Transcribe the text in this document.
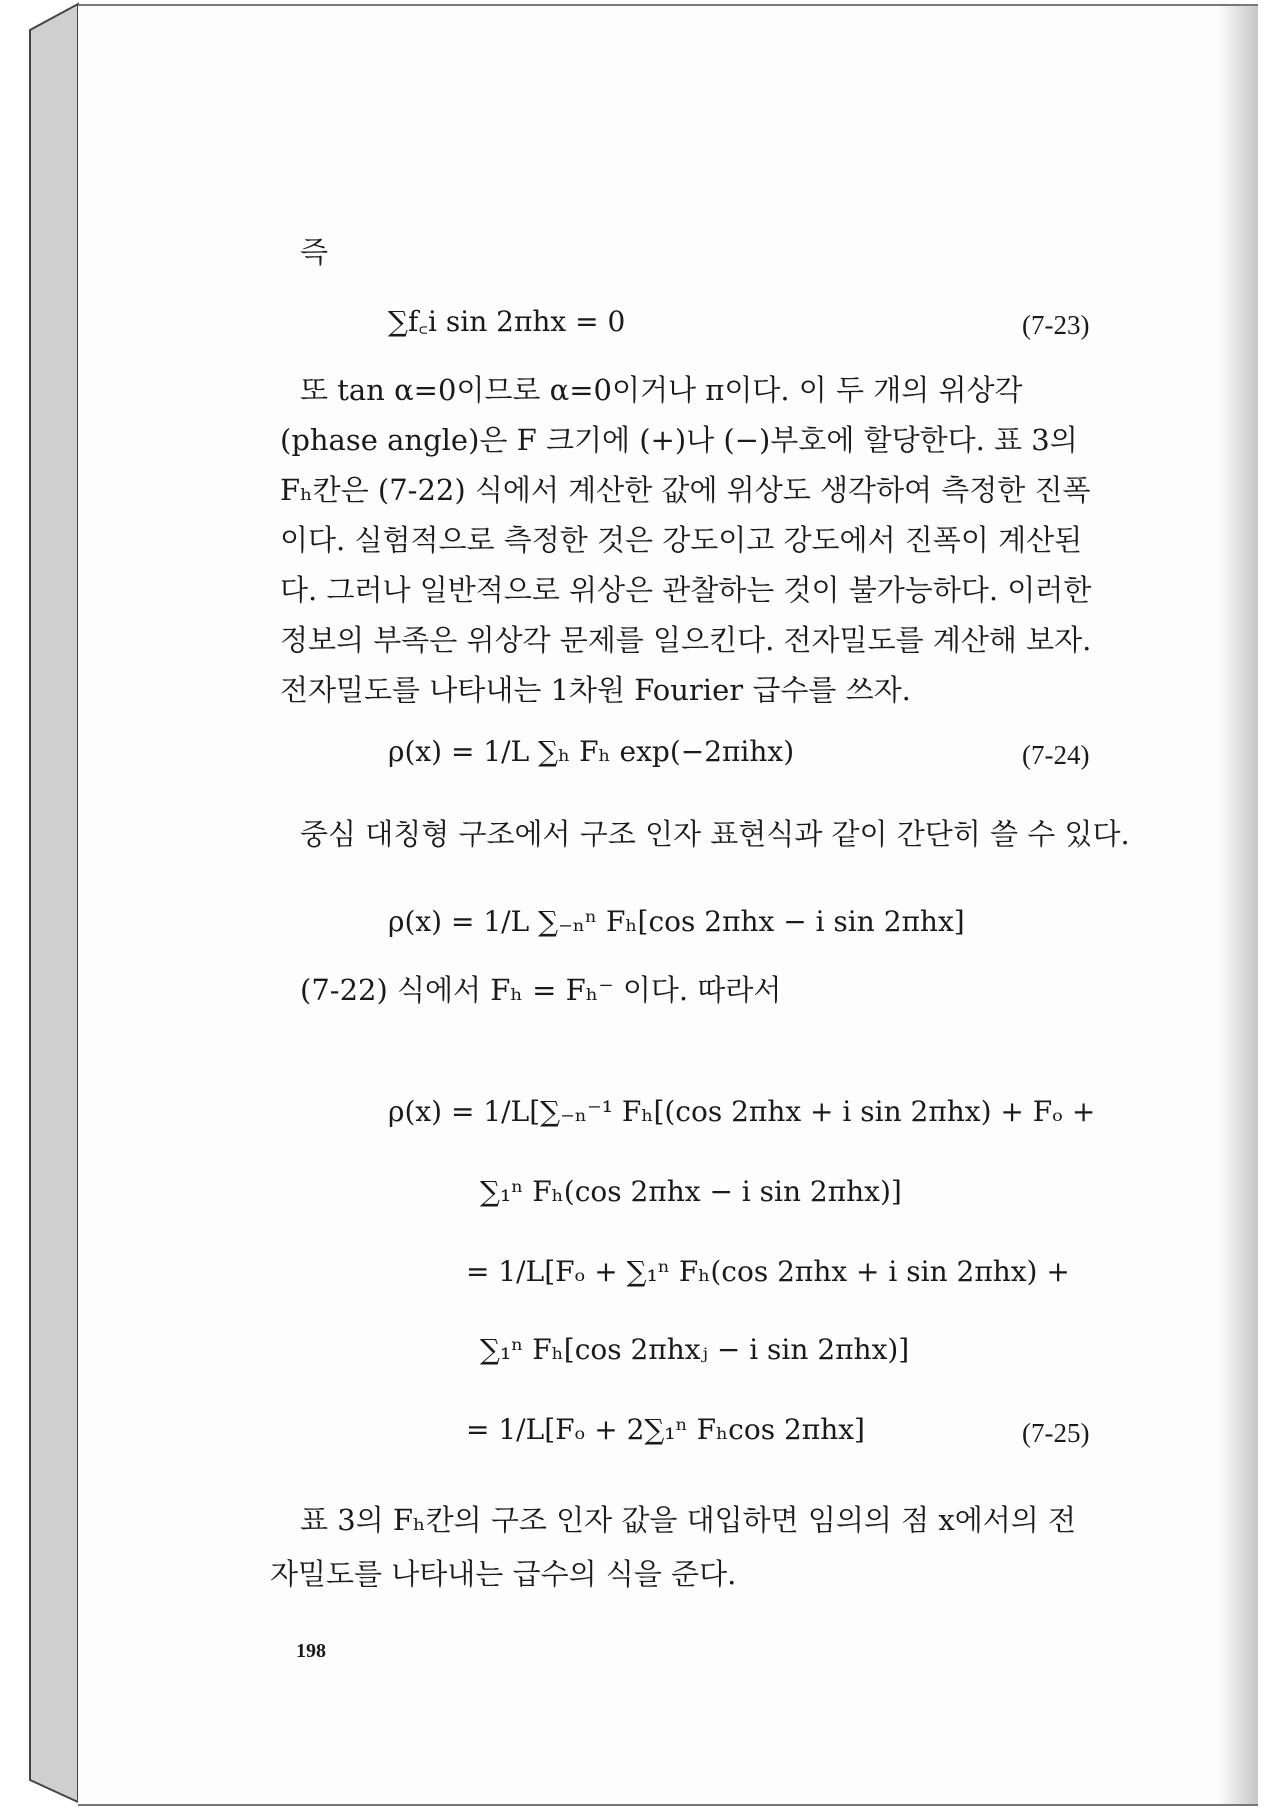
즉

∑f꜀i sin 2πhx = 0	(7-23)

또 tan α=0이므로 α=0이거나 π이다. 이 두 개의 위상각

(phase angle)은 F 크기에 (+)나 (−)부호에 할당한다. 표 3의

Fₕ칸은 (7-22) 식에서 계산한 값에 위상도 생각하여 측정한 진폭

이다. 실험적으로 측정한 것은 강도이고 강도에서 진폭이 계산된

다. 그러나 일반적으로 위상은 관찰하는 것이 불가능하다. 이러한

정보의 부족은 위상각 문제를 일으킨다. 전자밀도를 계산해 보자.

전자밀도를 나타내는 1차원 Fourier 급수를 쓰자.

ρ(x) = 1/L ∑ₕ Fₕ exp(−2πihx)	(7-24)

중심 대칭형 구조에서 구조 인자 표현식과 같이 간단히 쓸 수 있다.

ρ(x) = 1/L ∑₋ₙⁿ Fₕ[cos 2πhx − i sin 2πhx]

(7-22) 식에서 Fₕ = Fₕ⁻ 이다. 따라서

ρ(x) = 1/L[∑₋ₙ⁻¹ Fₕ[(cos 2πhx + i sin 2πhx) + Fₒ +

∑₁ⁿ Fₕ(cos 2πhx − i sin 2πhx)]

= 1/L[Fₒ + ∑₁ⁿ Fₕ(cos 2πhx + i sin 2πhx) +

∑₁ⁿ Fₕ[cos 2πhxⱼ − i sin 2πhx)]

= 1/L[Fₒ + 2∑₁ⁿ Fₕcos 2πhx]	(7-25)

표 3의 Fₕ칸의 구조 인자 값을 대입하면 임의의 점 x에서의 전

자밀도를 나타내는 급수의 식을 준다.

198
